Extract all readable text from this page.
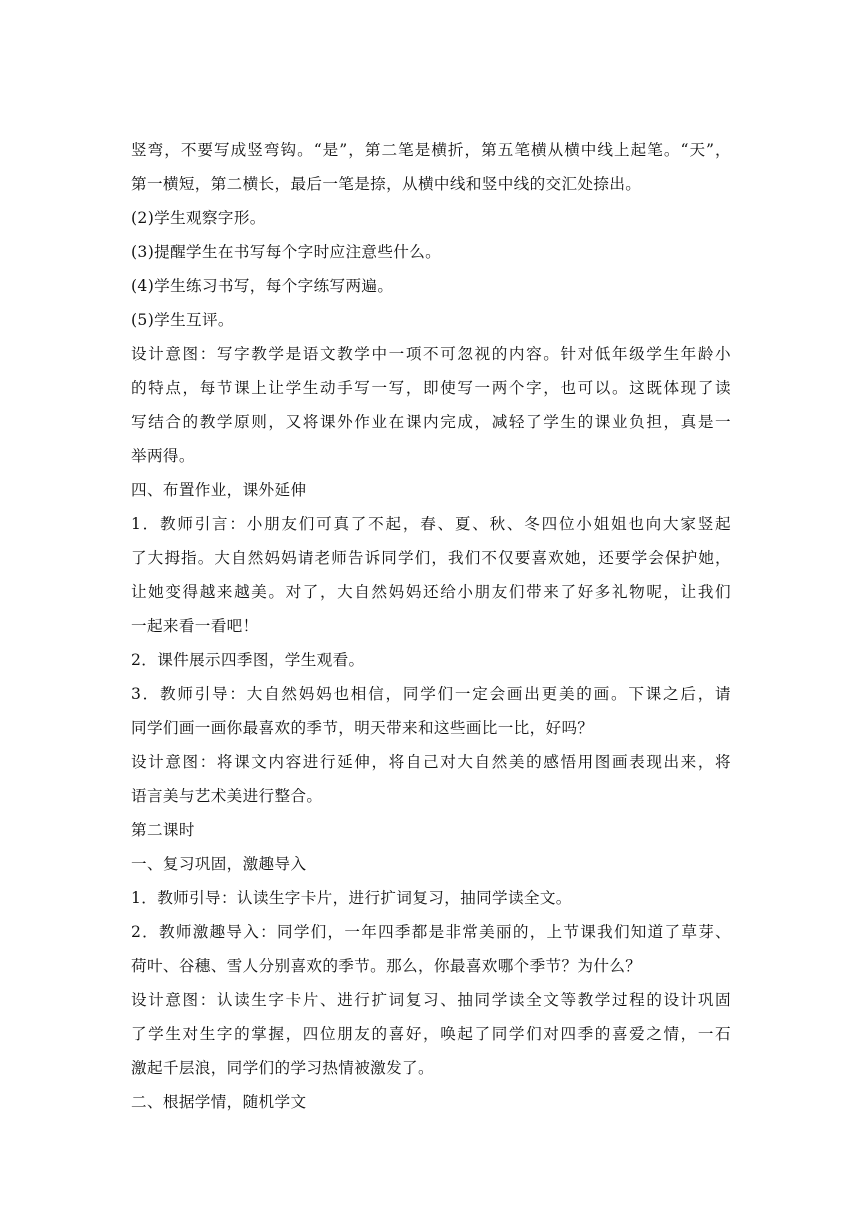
竖弯，不要写成竖弯钩。“是”，第二笔是横折，第五笔横从横中线上起笔。“天”，
第一横短，第二横长，最后一笔是捺，从横中线和竖中线的交汇处捺出。
(2)学生观察字形。
(3)提醒学生在书写每个字时应注意些什么。
(4)学生练习书写，每个字练写两遍。
(5)学生互评。
设计意图：写字教学是语文教学中一项不可忽视的内容。针对低年级学生年龄小
的特点，每节课上让学生动手写一写，即使写一两个字，也可以。这既体现了读
写结合的教学原则，又将课外作业在课内完成，减轻了学生的课业负担，真是一
举两得。
四、布置作业，课外延伸
1．教师引言：小朋友们可真了不起，春、夏、秋、冬四位小姐姐也向大家竖起
了大拇指。大自然妈妈请老师告诉同学们，我们不仅要喜欢她，还要学会保护她，
让她变得越来越美。对了，大自然妈妈还给小朋友们带来了好多礼物呢，让我们
一起来看一看吧！
2．课件展示四季图，学生观看。
3．教师引导：大自然妈妈也相信，同学们一定会画出更美的画。下课之后，请
同学们画一画你最喜欢的季节，明天带来和这些画比一比，好吗？
设计意图：将课文内容进行延伸，将自己对大自然美的感悟用图画表现出来，将
语言美与艺术美进行整合。
第二课时
一、复习巩固，激趣导入
1．教师引导：认读生字卡片，进行扩词复习，抽同学读全文。
2．教师激趣导入：同学们，一年四季都是非常美丽的，上节课我们知道了草芽、
荷叶、谷穗、雪人分别喜欢的季节。那么，你最喜欢哪个季节？为什么？
设计意图：认读生字卡片、进行扩词复习、抽同学读全文等教学过程的设计巩固
了学生对生字的掌握，四位朋友的喜好，唤起了同学们对四季的喜爱之情，一石
激起千层浪，同学们的学习热情被激发了。
二、根据学情，随机学文
